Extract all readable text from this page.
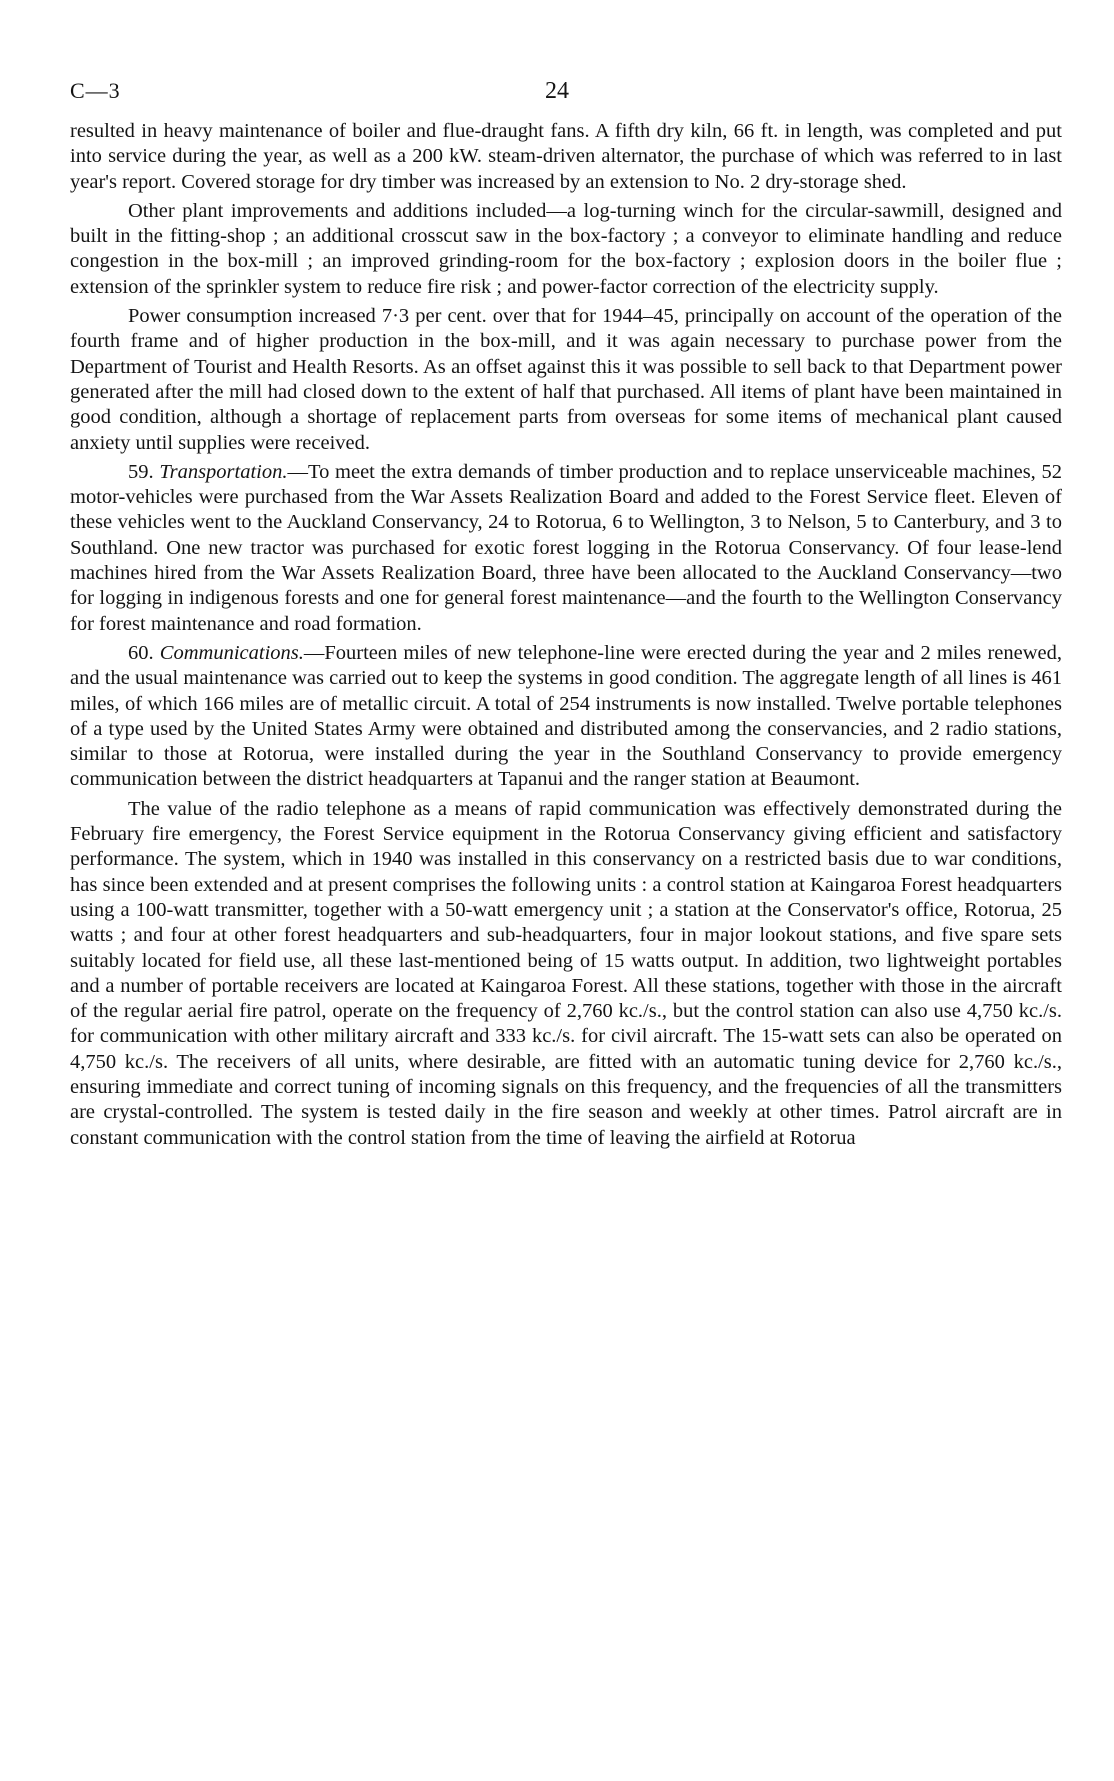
C—3	24

resulted in heavy maintenance of boiler and flue-draught fans. A fifth dry kiln, 66 ft. in length, was completed and put into service during the year, as well as a 200 kW. steam-driven alternator, the purchase of which was referred to in last year's report. Covered storage for dry timber was increased by an extension to No. 2 dry-storage shed.

Other plant improvements and additions included—a log-turning winch for the circular-sawmill, designed and built in the fitting-shop ; an additional crosscut saw in the box-factory ; a conveyor to eliminate handling and reduce congestion in the box-mill ; an improved grinding-room for the box-factory ; explosion doors in the boiler flue ; extension of the sprinkler system to reduce fire risk ; and power-factor correction of the electricity supply.

Power consumption increased 7·3 per cent. over that for 1944–45, principally on account of the operation of the fourth frame and of higher production in the box-mill, and it was again necessary to purchase power from the Department of Tourist and Health Resorts. As an offset against this it was possible to sell back to that Department power generated after the mill had closed down to the extent of half that purchased. All items of plant have been maintained in good condition, although a shortage of replacement parts from overseas for some items of mechanical plant caused anxiety until supplies were received.

59. Transportation.—To meet the extra demands of timber production and to replace unserviceable machines, 52 motor-vehicles were purchased from the War Assets Realization Board and added to the Forest Service fleet. Eleven of these vehicles went to the Auckland Conservancy, 24 to Rotorua, 6 to Wellington, 3 to Nelson, 5 to Canterbury, and 3 to Southland. One new tractor was purchased for exotic forest logging in the Rotorua Conservancy. Of four lease-lend machines hired from the War Assets Realization Board, three have been allocated to the Auckland Conservancy—two for logging in indigenous forests and one for general forest maintenance—and the fourth to the Wellington Conservancy for forest maintenance and road formation.

60. Communications.—Fourteen miles of new telephone-line were erected during the year and 2 miles renewed, and the usual maintenance was carried out to keep the systems in good condition. The aggregate length of all lines is 461 miles, of which 166 miles are of metallic circuit. A total of 254 instruments is now installed. Twelve portable telephones of a type used by the United States Army were obtained and distributed among the conservancies, and 2 radio stations, similar to those at Rotorua, were installed during the year in the Southland Conservancy to provide emergency communication between the district headquarters at Tapanui and the ranger station at Beaumont.

The value of the radio telephone as a means of rapid communication was effectively demonstrated during the February fire emergency, the Forest Service equipment in the Rotorua Conservancy giving efficient and satisfactory performance. The system, which in 1940 was installed in this conservancy on a restricted basis due to war conditions, has since been extended and at present comprises the following units : a control station at Kaingaroa Forest headquarters using a 100-watt transmitter, together with a 50-watt emergency unit ; a station at the Conservator's office, Rotorua, 25 watts ; and four at other forest headquarters and sub-headquarters, four in major lookout stations, and five spare sets suitably located for field use, all these last-mentioned being of 15 watts output. In addition, two lightweight portables and a number of portable receivers are located at Kaingaroa Forest. All these stations, together with those in the aircraft of the regular aerial fire patrol, operate on the frequency of 2,760 kc./s., but the control station can also use 4,750 kc./s. for communication with other military aircraft and 333 kc./s. for civil aircraft. The 15-watt sets can also be operated on 4,750 kc./s. The receivers of all units, where desirable, are fitted with an automatic tuning device for 2,760 kc./s., ensuring immediate and correct tuning of incoming signals on this frequency, and the frequencies of all the transmitters are crystal-controlled. The system is tested daily in the fire season and weekly at other times. Patrol aircraft are in constant communication with the control station from the time of leaving the airfield at Rotorua
